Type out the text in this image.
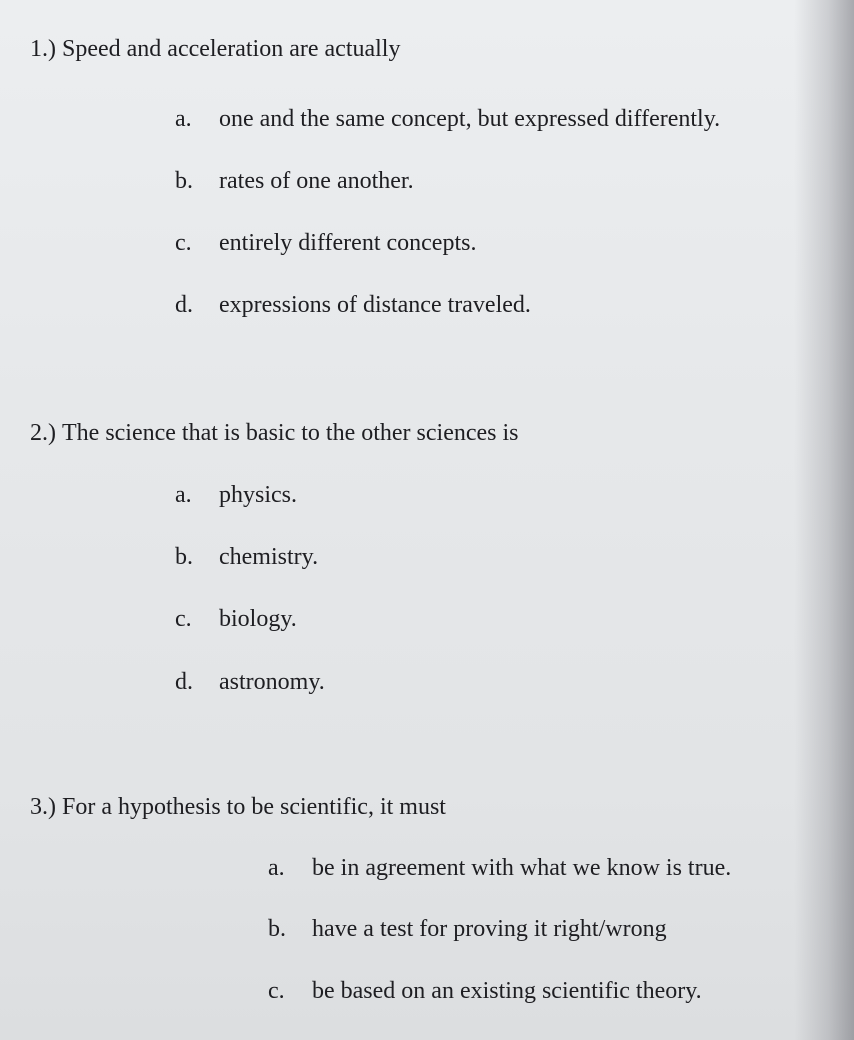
1.) Speed and acceleration are actually
a. one and the same concept, but expressed differently.
b. rates of one another.
c. entirely different concepts.
d. expressions of distance traveled.
2.) The science that is basic to the other sciences is
a. physics.
b. chemistry.
c. biology.
d. astronomy.
3.) For a hypothesis to be scientific, it must
a. be in agreement with what we know is true.
b. have a test for proving it right/wrong
c. be based on an existing scientific theory.
